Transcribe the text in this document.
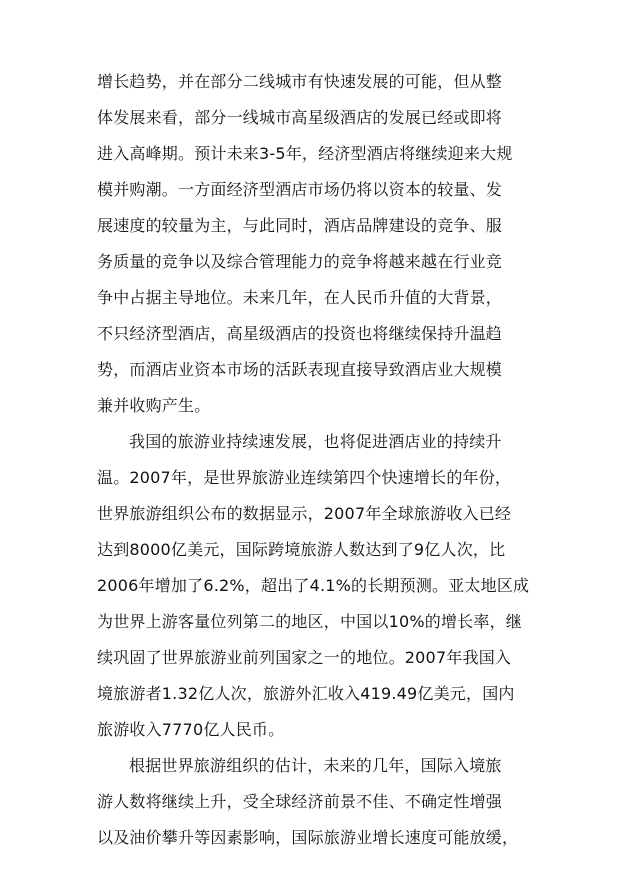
增长趋势，并在部分二线城市有快速发展的可能，但从整

体发展来看，部分一线城市高星级酒店的发展已经或即将

进入高峰期。预计未来3-5年，经济型酒店将继续迎来大规

模并购潮。一方面经济型酒店市场仍将以资本的较量、发

展速度的较量为主，与此同时，酒店品牌建设的竞争、服

务质量的竞争以及综合管理能力的竞争将越来越在行业竞

争中占据主导地位。未来几年，在人民币升值的大背景，

不只经济型酒店，高星级酒店的投资也将继续保持升温趋

势，而酒店业资本市场的活跃表现直接导致酒店业大规模

兼并收购产生。

我国的旅游业持续速发展，也将促进酒店业的持续升

温。2007年，是世界旅游业连续第四个快速增长的年份，

世界旅游组织公布的数据显示，2007年全球旅游收入已经

达到8000亿美元，国际跨境旅游人数达到了9亿人次，比

2006年增加了6.2%，超出了4.1%的长期预测。亚太地区成

为世界上游客量位列第二的地区，中国以10%的增长率，继

续巩固了世界旅游业前列国家之一的地位。2007年我国入

境旅游者1.32亿人次，旅游外汇收入419.49亿美元，国内

旅游收入7770亿人民币。

根据世界旅游组织的估计，未来的几年，国际入境旅

游人数将继续上升，受全球经济前景不佳、不确定性增强

以及油价攀升等因素影响，国际旅游业增长速度可能放缓，
